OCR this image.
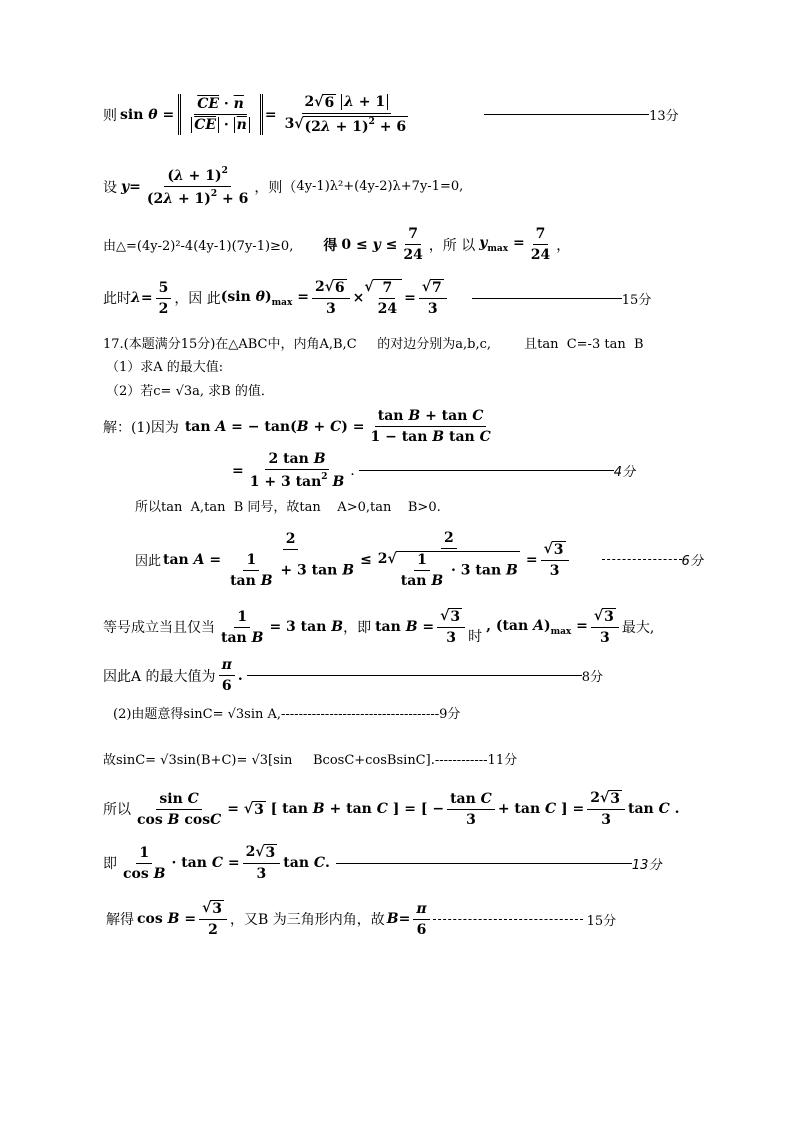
则 $\sin \theta = \frac{\overline{CE} \cdot \overline{n}}{\overline{CE} \cdot \overline{n}} = \frac{2√ 6 \lambda + 1}{3√ (2\lambda + 1)^2 + 6}$	13分
设 $y = \frac{(\lambda + 1)^2}{(2\lambda + 1)^2 + 6}$ ，则（ 4y-1)λ²+(4y-2)λ+7y-1=0,
由△=(4y-2)²-4(4y-1)(7y-1)≥0, 得 $0 \le y \le \frac{7}{24}$ ，所 以 $y_{max} = \frac{7}{24}$ ，
此时 $\lambda = \frac{5}{2}$ ，因 此 (sin $\theta)_{max} = \frac{2√ 6}{3}$ ×
√ $\frac{7}{24} = \frac{√ 7}{3}$	15分
17.(本题满分15分)在△ABC中，内角A,B,C     的对边分别为a,b,c,        且tan  C=-3 tan  B
（1）求A 的最大值:
（2）若c= √3a, 求B 的值．
解：(1)因为 tan A = − $\tan(B + C) = \frac{\text{tan B + tan C}}{\text{1 − tan B tan C}}$
= $\frac{\text{2 tan B}}{1 + 3 \tan^2 B}$ .	4分
所以tan  A,tan  B 同号，故tan    A>0,tan    B>0.
因此 $\tan A = \frac{2}{\frac{1}{\text{tan B}} + 3 \tan B} \le \frac{2}{2√ \frac{1}{\text{tan B}} \cdot 3 \tan B} = \frac{√ 3}{3}$	6分
等号成立当且仅当 $\frac{1}{\text{tan B}} = 3$ tan B ，即 $\tan B = \frac{√ 3}{3}$ 时
, (tan $A)_{max} = \frac{√ 3}{3}$ 最大,
因此A 的最大值为 $\frac{\pi}{6}$ .	8分
(2)由题意得sinC= √3sin A,------------------------------------9分
故sinC= √3sin(B+C)= √3[sin     BcosC+cosBsinC].------------11分
所以 $\frac{\text{sin C}}{\text{cos B cosC}}$ = √ 3 [ tan B + tan C ] = [ − $\frac{\text{tan C}}{3} + \tan C$ ] = $\frac{2√ 3}{3}$ tan C .
即 $\frac{1}{\text{cos B}} \cdot \tan C = \frac{2√ 3}{3}$ tan C.	13分
解得 $\cos B = \frac{√ 3}{2}$ ，又B 为三角形内角，故 $B = \frac{\pi}{6}$	15分
